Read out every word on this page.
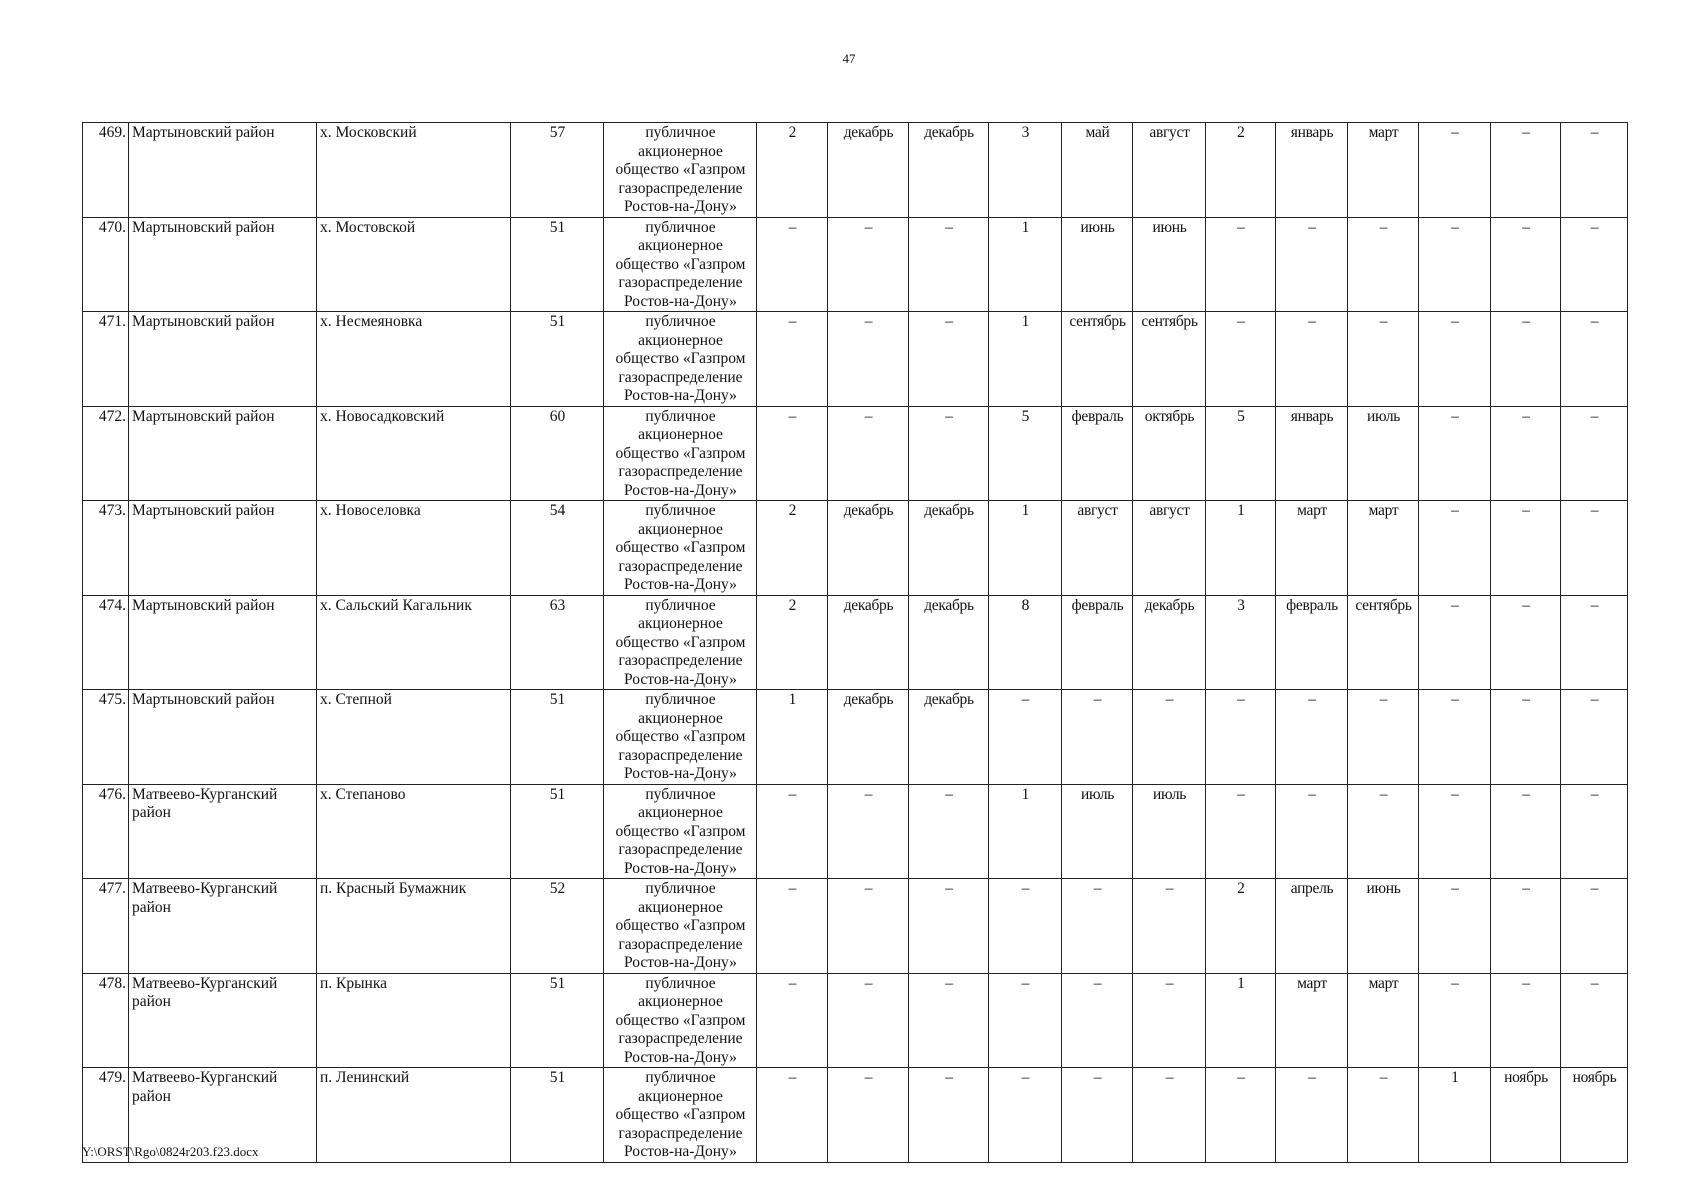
47
469.	Мартыновский район	х. Московский	57	публичное акционерное общество «Газпром газораспределение Ростов-на-Дону»	2	декабрь	декабрь	3	май	август	2	январь	март	–	–	–
470.	Мартыновский район	х. Мостовской	51	публичное акционерное общество «Газпром газораспределение Ростов-на-Дону»	–	–	–	1	июнь	июнь	–	–	–	–	–	–
471.	Мартыновский район	х. Несмеяновка	51	публичное акционерное общество «Газпром газораспределение Ростов-на-Дону»	–	–	–	1	сентябрь	сентябрь	–	–	–	–	–	–
472.	Мартыновский район	х. Новосадковский	60	публичное акционерное общество «Газпром газораспределение Ростов-на-Дону»	–	–	–	5	февраль	октябрь	5	январь	июль	–	–	–
473.	Мартыновский район	х. Новоселовка	54	публичное акционерное общество «Газпром газораспределение Ростов-на-Дону»	2	декабрь	декабрь	1	август	август	1	март	март	–	–	–
474.	Мартыновский район	х. Сальский Кагальник	63	публичное акционерное общество «Газпром газораспределение Ростов-на-Дону»	2	декабрь	декабрь	8	февраль	декабрь	3	февраль	сентябрь	–	–	–
475.	Мартыновский район	х. Степной	51	публичное акционерное общество «Газпром газораспределение Ростов-на-Дону»	1	декабрь	декабрь	–	–	–	–	–	–	–	–	–
476.	Матвеево-Курганский район	х. Степаново	51	публичное акционерное общество «Газпром газораспределение Ростов-на-Дону»	–	–	–	1	июль	июль	–	–	–	–	–	–
477.	Матвеево-Курганский район	п. Красный Бумажник	52	публичное акционерное общество «Газпром газораспределение Ростов-на-Дону»	–	–	–	–	–	–	2	апрель	июнь	–	–	–
478.	Матвеево-Курганский район	п. Крынка	51	публичное акционерное общество «Газпром газораспределение Ростов-на-Дону»	–	–	–	–	–	–	1	март	март	–	–	–
479.	Матвеево-Курганский район	п. Ленинский	51	публичное акционерное общество «Газпром газораспределение Ростов-на-Дону»	–	–	–	–	–	–	–	–	–	1	ноябрь	ноябрь
Y:\ORST\Rgo\0824r203.f23.docx
